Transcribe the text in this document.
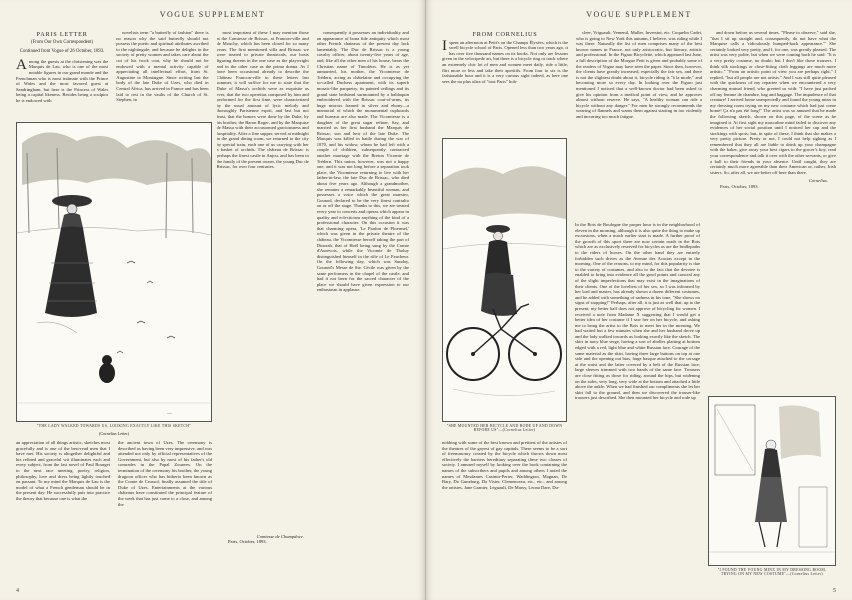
VOGUE SUPPLEMENT
PARIS LETTER
(From Our Own Correspondent)
Continued from Vogue of 26 October, 1893.

Among the guests at the christening was the Marquis de Lau, who is one of the most notable figures in our grand monde and the Frenchman who is most intimate with the Prince of Wales and the most favored guest at Sandringham, but here is the Princess of Wales being a capital likeness. Besides being a sculptor he is endowed with

novelists term "a butterfly of fashion" there is no reason why the said butterfly should not possess the poetic and spiritual attributes ascribed to the nightingale; and because he delights in the society of pretty women and takes care about the cut of his frock coat, why he should not be endowed with a mental activity capable of appreciating all intellectual effort, from St. Augustine to Montaigne. Since writing last the body of the late Duke of Uzes, who died in Central Africa, has arrived in France and has been laid to rest in the vaults of the Church of St. Stephen, in

most important of these I may mention those at the Comtesse de Brissac, at Francon-ville and de Mouchy, which has been closed for so many years. The first mentioned villa and Brissac we were treated to private theatricals, our hosts figuring therein in the one case as the playwright and in the other case as the prima donna. As I have been occasional already to describe the Château Francon-ville in these letters last summer, it will suffice for me to state that the Duke of Massa's orchids were as exquisite as ever, that the two operettas composed by him and performed for the first time, were characterized by the usual amount of lyric melody and thoroughly Parisienne esprit, and last but not least, that the honors were done by the Duke, by his brother, the Baron Roger, and by the Marquise de Massa with their accustomed graciousness and hospitality. After a fine supper, served at midnight in the grand dining room, we returned to the city by special train, each one of us carrying with her a basket of orchids. The château de Brissac is perhaps the finest castle in Anjou, and has been in the family of the present owner, the young Duc de Brissac, for over four centuries.

consequently it possesses an individuality and an appearance of bona fide antiquity which most other French chateaux of the present day lack lamentably. The Duc de Brissac is a young cavalry officer, about twenty-five years of age, and, like all the other men of his house, bears the Christian name of Timoléon. He is as yet unmarried, his mother, the Vicomtesse de Trédern, acting as châtelaine and occupying the so-called Duchess apartment, with its superb mosaic-like parquetry, its painted ceilings and its grand state bedstead surmounted by a baldaquin embroidered with the Brissac coat-of-arms, its huge mirrors framed in silver and ebony—a memorial of which the monumental cupboards and bureaus are also made. The Vicomtesse is a daughter of the great sugar refiner, Say, and married as her first husband the Marquis de Brissac, son and heir of the late Duke. The Marquis was killed in battle during the war of 1870, and his widow, whom he had left with a couple of children, subsequently contracted another marriage with the Breton Vicomte de Trédern. This union, however, was not a happy one, and it was not long before a separation took place, the Vicomtesse returning to live with her father-in-law, the late Duc de Brissac, who died about five years ago. Although a grandmother, she remains a remarkably beautiful woman, and possesses a voice which the great maestro, Gounod, declared to be the very finest contralto on or off the stage. Thanks to this, we are treated every year to concerts and operas which appear in quality and eclecticism anything of the kind of a professional character. On this occasion it was that charming opera, 'Le Pardon de Ploermel,' which was given in the private theatre of the château, the Vicomtesse herself taking the part of Dinorah, that of Hoël being sung by the Comte d'Aurevois, while the Vicomte de Tholuy distinguished himself in the rôle of Le Faucheur. On the following day, which was Sunday, Gounod's Messe de Ste. Cécile was given by the same performers in the chapel of the castle, and had it not been for the sacred character of the place we should have given expression to our enthusiasm in applause.

—
"THE LADY WALKED TOWARDS US, LOOKING EXACTLY LIKE THIS SKETCH"
(Cornelius Letter)
an appreciation of all things artistic, sketches most gracefully and is one of the best-read men that I have met. His society is altogether delightful and his refined and graceful wit illuminates each and every subject, from the last novel of Paul Bourget to the next race meeting, poetry, religion, philosophy, love and dress being lightly touched en passant. To my mind the Marquis de Lau is the model of what a French gentleman should be in the present day. He successfully puts into practice the theory that because one is what the
the ancient town of Uzes. The ceremony is described as having been very impressive, and was attended not only by official representatives of the Government, but also by most of his father's old comrades in the Papal Zouaves. On the termination of the ceremony his brother, the young dragoon officer who has hitherto been known as the Comte de Crussol, finally assumed the title of Duke of Uzes. Entertainments at the various châteaux have constituted the principal feature of the week that has just come to a close, and among the
Comtesse de Champdoce.
Paris, October, 1893.
4
VOGUE SUPPLEMENT
FROM CORNELIUS

Ispent an afternoon at Petit's on the Champs Élysées, which is the swell bicycle school of Paris. Opened less than two years ago, it has over five thousand names on its books. Not only are lessons given in the velocipede art, but there is a bicycle ring or track where an extremely chic lot of men and women meet daily, ride a little, flirt more or less and take their aperitifs. From four to six is the fashionable hour and it is a very curious sight indeed, as here one sees the no plus ultra of "tout Paris" hob-

cleer, Vriguault, Vemenil, Muller, Inversini, etc. Coquelin Cadet, who is going to New York this autumn, I believe, was riding while I was there. Naturally the list of men comprises many of the best known names in France, not only aristocratic, but literary, artistic and professional. In the Figaro Bicyclette, which appeared last June, a full description of the Morgue Petit is given and probably some of the readers of Vogue may have seen the paper. Since then, however, the clients have greatly increased, especially the fair sex, and there is not the slightest doubt about it, bicycle riding is "à la mode," and becoming more so every day. In looking over the Figaro just mentioned I noticed that a well-known doctor had been asked to give his opinion from a medical point of view, and he approves almost without reserve. He says, "A healthy woman can ride a bicycle without any danger." For men he strongly recommends the wearing of flannels and warns them against starting in too violently and incurring too much fatigue.

and down before us several times. "Please to observe," said she, "that I sit up straight and, consequently, do not have what the Marquise calls a 'ridiculously humped-back appearance.'" She certainly looked very pretty, and I, for one, was greatly pleased. The artist was very polite, but when we were coming back he said: "It is a very pretty costume, no doubt; but I don't like those trousers. I think silk stockings or close-fitting cloth leggings are much more artistic." "From an artistic point of view you are perhaps right," I replied, "but all people are not artists." And I was still quite pleased with the quickness of my repartee when we encountered a very charming mutual friend, who greeted us with: "I have just packed off my femme de chambre, bag and baggage. The impudence of that creature! I arrived home unexpectedly and found the young minx in my dressing room trying on my new costume which had just come home! Ça n'a pas été long!" The artist was so amused that he made the following sketch, shown on this page, of the scene as he imagined it. At first sight my masculine mind failed to discover any evidences of her social position until I noticed her cap and the stockings with spots; but, in spite of these, I think that she makes a very pretty picture. Pretty or not, I could not help sighing as I remembered that they all are liable to drink up your champagne with the baker, give away your best cigars to the grocer's boy, read your correspondence and talk it over with the other servants, or give a ball to their friends in your absence. Until caught, they are certainly much more agreeable than their American or, rather, Irish sisters. So, after all, we are better off here than there.

Cornelius.
Paris, October, 1893.
"SHE MOUNTED HER BICYCLE AND RODE UP AND DOWN BEFORE US"—(Cornelius Letter)
nobbing with some of the best known and prettiest of the artistes of the theatres of the gayest of gay capitals. There seems to be a sort of freemasonry created by the bicycle which throws down most effectively the barriers hereditary separating these two classes of society. I amused myself by looking over the book containing the names of the subscribers and pupils and among others I noted the names of Mesdames Casimir-Perier, Waddington, Magnan, De Bary, Do Gunzburg, Da Visier, Clemenceau, etc., etc., and among the artistes, Jane Granier, Leguault, De Marsy, Leona Dare, Du-
In the Bois de Boulogne the proper hour is in the neighborhood of eleven in the morning, although it is also quite the thing to make up excursions, when a much earlier start is made. A further proof of the growth of this sport there are now certain roads in the Bois which are as exclusively reserved for bicycles as are the bridlepaths to the riders of horses. On the other hand they are entirely forbidden such drives as the Avenue des Acacias except in the morning. One of the reasons, to my mind, for this popularity is due to the variety of costumes, and also to the fact that the devotee is enabled to bring into evidence all the good points and conceal any of the slight imperfections that may exist in the imaginations of their clients. One of the loveliest of her sex, so I was informed by her lord and master, has already shown a dozen different costumes, and he added with something of sadness in his tone, "She shows no signs of stopping!" Perhaps, after all, it is just as well that, up to the present, my better half does not approve of bicycling for women. I received a note from Madame X suggesting that I would get a better idea of her costume if I saw her on her bicycle, and asking me to bring the artist to the Bois to meet her in the morning. We had waited but a few minutes when she and her husband drove up and the lady walked towards us looking exactly like the sketch. The skirt in navy blue serge, having a sort of abolles plaiting at bottom edged with a red, light blue and white Russian lace. Courage of the same material as the skirt, having three large buttons on top at one side and the opening out bias, large basque attached to the corsage at the waist and the latter covered by a belt of the Russian lace; large sleeves trimmed with two bands of the same lace. Trousers are close fitting as those for riding, around the hips, but widening on the sides, very long, very wide at the bottom and attached a little above the ankle. When we had finished our compliments she let her skirt fall to the ground, and then we discovered the trouser-like trousers just described. She then mounted her bicycle and rode up
"I FOUND THE YOUNG MINX IN MY DRESSING ROOM, TRYING ON MY NEW COSTUME"—(Cornelius Letter)
5
